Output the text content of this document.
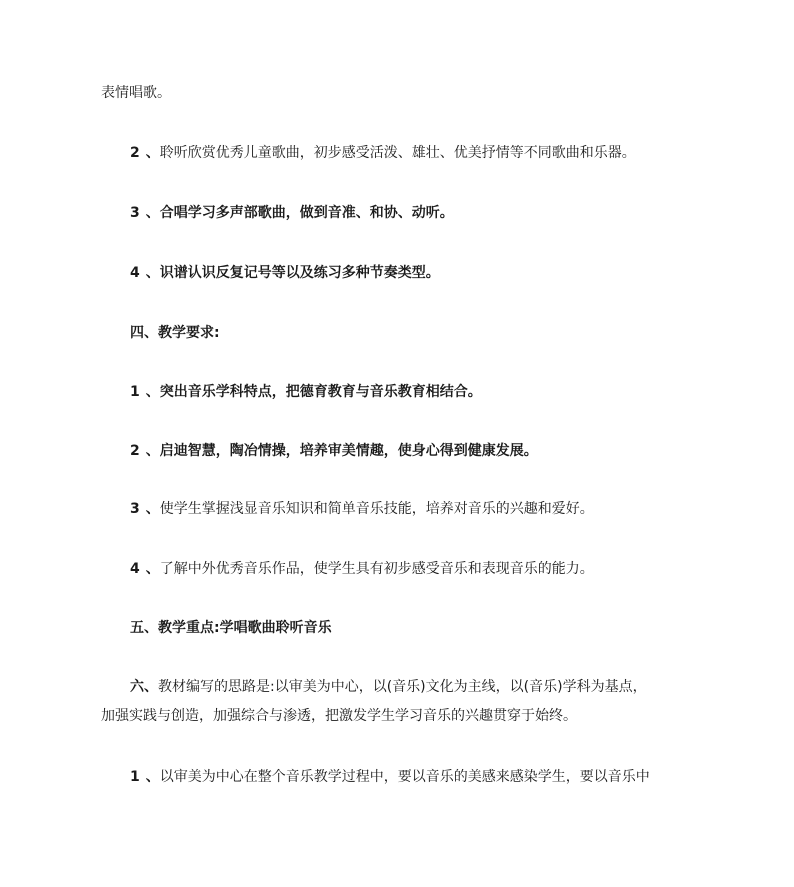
表情唱歌。
2 、聆听欣赏优秀儿童歌曲，初步感受活泼、雄壮、优美抒情等不同歌曲和乐器。
3 、合唱学习多声部歌曲，做到音准、和协、动听。
4 、识谱认识反复记号等以及练习多种节奏类型。
四、教学要求:
1 、突出音乐学科特点，把德育教育与音乐教育相结合。
2 、启迪智慧，陶冶情操，培养审美情趣，使身心得到健康发展。
3 、使学生掌握浅显音乐知识和简单音乐技能，培养对音乐的兴趣和爱好。
4 、了解中外优秀音乐作品，使学生具有初步感受音乐和表现音乐的能力。
五、教学重点:学唱歌曲聆听音乐
六、教材编写的思路是:以审美为中心，以(音乐)文化为主线，以(音乐)学科为基点，
加强实践与创造，加强综合与渗透，把激发学生学习音乐的兴趣贯穿于始终。
1 、以审美为中心在整个音乐教学过程中，要以音乐的美感来感染学生，要以音乐中
